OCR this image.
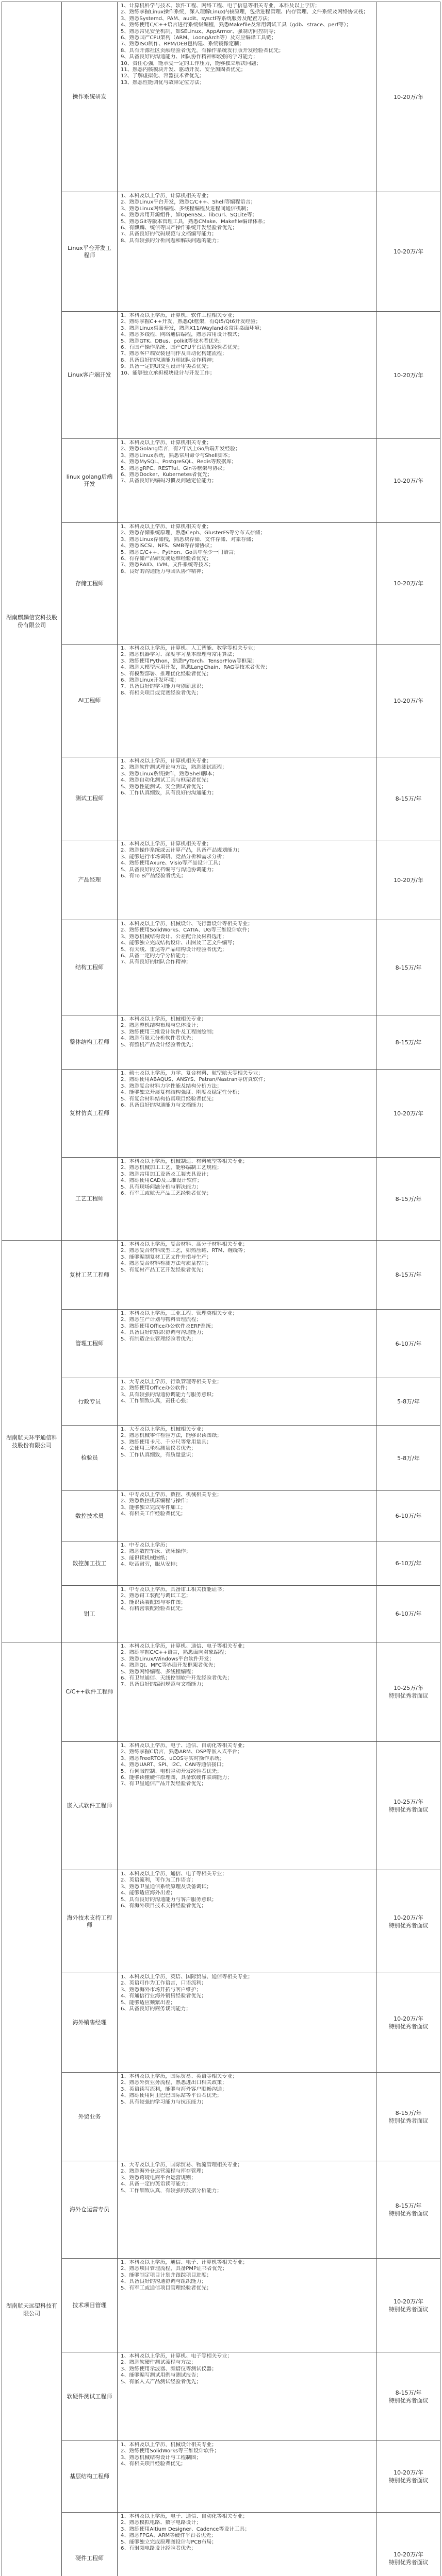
湖南麒麟信安科技股份有限公司
湖南航天环宇通信科技股份有限公司
湖南航天远望科技有限公司
操作系统研发
Linux平台开发工程师
Linux客户端开发
linux golang后端开发
存储工程师
AI工程师
测试工程师
产品经理
结构工程师
整体结构工程师
复材仿真工程师
工艺工程师
复材工艺工程师
管理工程师
行政专员
检验员
数控技术员
数控加工技工
钳工
C/C++软件工程师
嵌入式软件工程师
海外技术支持工程师
海外销售经理
外贸业务
海外仓运营专员
技术项目管理
软硬件测试工程师
基层结构工程师
硬件工程师
1、计算机科学与技术、软件工程、网络工程、电子信息等相关专业，本科及以上学历；
2、熟练掌握Linux操作系统，深入理解Linux内核原理，包括进程管理、内存管理、文件系统及网络协议栈；
3、熟悉Systemd、PAM、audit、sysctl等系统服务及配置方法；
4、熟练使用C/C++语言进行系统级编程，熟悉Makefile及常用调试工具（gdb、strace、perf等）；
5、熟悉常见安全机制，如SELinux、AppArmor、强制访问控制等；
6、熟悉国产CPU架构（ARM、LoongArch等）及对应编译工具链；
7、熟悉ISO制作、RPM/DEB包构建、系统镜像定制；
8、具有开源社区贡献经验者优先，有操作系统发行版开发经验者优先；
9、具备良好的沟通能力、团队协作精神和较强的学习能力；
10、责任心强，能承受一定的工作压力，能够独立解决问题；
11、熟悉内核模块开发、驱动开发、安全加固者优先；
12、了解虚拟化、容器技术者优先；
13、熟悉性能调优与故障定位方法；
1、本科及以上学历，计算机相关专业；
2、熟悉Linux平台开发，熟悉C/C++、Shell等编程语言；
3、熟悉Linux网络编程、多线程编程及进程间通信机制；
4、熟悉常用开源组件，如OpenSSL、libcurl、SQLite等；
5、熟悉Git等版本管理工具，熟悉CMake、Makefile编译体系；
6、有麒麟、统信等国产操作系统开发经验者优先；
7、具备良好的代码规范与文档编写能力；
8、具有较强的分析问题和解决问题的能力；
1、本科及以上学历，计算机、软件工程相关专业；
2、熟练掌握C++开发，熟悉Qt框架，有Qt5/Qt6开发经验；
3、熟悉Linux桌面开发，熟悉X11/Wayland及常用桌面环境；
4、熟悉多线程、网络通信编程，熟悉常用设计模式；
5、熟悉GTK、DBus、polkit等技术者优先；
6、有国产操作系统、国产CPU平台适配经验者优先；
7、熟悉客户端安装包制作及自动化构建流程；
8、具备良好的沟通能力和团队合作精神；
9、具备一定的UI交互设计审美者优先；
10、能够独立承担模块设计与开发工作；
1、本科及以上学历，计算机相关专业；
2、熟悉Golang语言，有2年以上Go后端开发经验；
3、熟悉Linux系统，熟悉常用命令与Shell脚本；
4、熟悉MySQL、PostgreSQL、Redis等数据库；
5、熟悉gRPC、RESTful、Gin等框架与协议；
6、熟悉Docker、Kubernetes者优先；
7、具备良好的编码习惯及问题定位能力；
1、本科及以上学历，计算机相关专业；
2、熟悉存储系统原理，熟悉Ceph、GlusterFS等分布式存储；
3、熟悉Linux存储栈，熟悉块存储、文件存储、对象存储；
4、熟悉iSCSI、NFS、SMB等存储协议；
5、熟悉C/C++、Python、Go其中至少一门语言；
6、有存储产品研发或运维经验者优先；
7、熟悉RAID、LVM、文件系统等技术；
8、良好的沟通能力与团队协作精神；
1、本科及以上学历，计算机、人工智能、数学等相关专业；
2、熟悉机器学习、深度学习基本原理与常用算法；
3、熟练使用Python，熟悉PyTorch、TensorFlow等框架；
4、熟悉大模型应用开发，熟悉LangChain、RAG等技术者优先；
5、有模型部署、推理优化经验者优先；
6、熟悉Linux开发环境；
7、具备良好的学习能力与创新意识；
8、有相关项目或竞赛经验者优先；
1、本科及以上学历，计算机相关专业；
2、熟悉软件测试理论与方法，熟悉测试流程；
3、熟悉Linux系统操作，熟悉Shell脚本；
4、熟悉自动化测试工具与框架者优先；
5、熟悉性能测试、安全测试者优先；
6、工作认真细致，具有良好的沟通能力；
1、本科及以上学历，计算机相关专业；
2、熟悉操作系统或云计算产品，具备产品规划能力；
3、能够进行市场调研、竞品分析和需求分析；
4、熟练使用Axure、Visio等产品设计工具；
5、具备良好的文档编写与沟通协调能力；
6、有To B产品经验者优先；
1、本科及以上学历，机械设计、飞行器设计等相关专业；
2、熟练使用SolidWorks、CATIA、UG等三维设计软件；
3、熟悉机械结构设计、公差配合及材料选用；
4、能够独立完成结构设计、出图及工艺文件编写；
5、有天线、雷达等产品结构设计经验者优先；
6、具备一定的力学分析能力；
7、具有良好的团队合作精神；
1、本科及以上学历，机械相关专业；
2、熟悉整机结构布局与总体设计；
3、熟练使用三维设计软件及工程图绘制；
4、熟悉有限元分析软件者优先；
5、有整机产品设计经验者优先；
1、硕士及以上学历，力学、复合材料、航空航天等相关专业；
2、熟练使用ABAQUS、ANSYS、Patran/Nastran等仿真软件；
3、熟悉复合材料力学性能及结构分析方法；
4、能够独立开展复材结构强度、刚度及稳定性分析；
5、有复合材料结构仿真项目经验者优先；
6、具备良好的沟通能力与文档能力；
1、本科及以上学历，机械制造、材料成型等相关专业；
2、熟悉机械加工工艺，能够编制工艺规程；
3、熟悉常用加工设备及工装夹具设计；
4、熟练使用CAD及三维设计软件；
5、具有现场问题分析与解决能力；
6、有军工或航天产品工艺经验者优先；
1、本科及以上学历，复合材料、高分子材料相关专业；
2、熟悉复合材料成型工艺，如热压罐、RTM、缠绕等；
3、能够编制复材工艺文件并指导生产；
4、熟悉复合材料检测方法与质量控制；
5、有复材产品工艺开发经验者优先；
1、本科及以上学历，工业工程、管理类相关专业；
2、熟悉生产计划与物料管理流程；
3、熟练使用Office办公软件及ERP系统；
4、具备良好的组织协调与沟通能力；
5、有制造企业管理经验者优先；
1、大专及以上学历，行政管理等相关专业；
2、熟练使用Office办公软件；
3、具有较强的沟通协调能力与服务意识；
4、工作细致认真，责任心强；
1、大专及以上学历，机械相关专业；
2、熟悉机械零件检验方法，能够识读图纸；
3、熟练使用卡尺、千分尺等常用量具；
4、会使用三坐标测量仪者优先；
5、工作认真细致，有质量意识；
1、中专及以上学历，数控、机械相关专业；
2、熟悉数控机床编程与操作；
3、能够独立完成零件加工；
4、有相关工作经验者优先；
1、中专及以上学历；
2、熟悉数控车床、铣床操作；
3、能识读机械图纸；
4、吃苦耐劳，服从安排；
1、中专及以上学历，具备钳工相关技能证书；
2、熟悉钳工装配与调试工艺；
3、能识读装配图与零件图；
4、有精密装配经验者优先；
1、本科及以上学历，计算机、通信、电子等相关专业；
2、熟练掌握C/C++语言，熟悉面向对象编程；
3、熟悉Linux/Windows平台软件开发；
4、熟悉Qt、MFC等界面开发框架者优先；
5、熟悉网络编程、多线程编程；
6、有卫星通信、天线控制软件开发经验者优先；
7、具备良好的编码规范与文档能力；
1、本科及以上学历，电子、通信、自动化等相关专业；
2、熟练掌握C语言，熟悉ARM、DSP等嵌入式平台；
3、熟悉FreeRTOS、uCOS等实时操作系统；
4、熟悉UART、SPI、I2C、CAN等通信接口；
5、有伺服控制、电机驱动开发经验者优先；
6、能够读懂硬件原理图，具备软硬件联调能力；
7、有卫星通信产品开发经验者优先；
1、本科及以上学历，通信、电子等相关专业；
2、英语流利，可作为工作语言；
3、熟悉卫星通信系统原理及设备调试；
4、能够适应海外出差；
5、具有良好的沟通能力与客户服务意识；
6、有海外项目技术支持经验者优先；
1、本科及以上学历，英语、国际贸易、通信等相关专业；
2、英语可作为工作语言，口语流利；
3、熟悉海外市场开拓与客户维护；
4、有通信行业海外销售经验者优先；
5、能够适应频繁出差；
6、具备良好的商务谈判能力；
1、本科及以上学历，国际贸易、英语等相关专业；
2、熟悉外贸业务流程，熟悉进出口相关政策；
3、英语读写流利，能够与海外客户顺畅沟通；
4、熟练使用阿里巴巴国际站等平台者优先；
5、具有较强的学习能力与抗压能力；
1、大专及以上学历，国际贸易、物流管理相关专业；
2、熟悉海外仓运营流程与库存管理；
3、熟悉跨境电商平台运营规则；
4、具备一定的英语读写能力；
5、工作细致认真，有较强的数据分析能力；
1、本科及以上学历，通信、电子、计算机等相关专业；
2、熟悉项目管理流程，具备PMP证书者优先；
3、能够制定项目计划并跟踪项目进度；
4、具备良好的沟通协调与组织能力；
5、有军工或通信项目管理经验者优先；
1、本科及以上学历，计算机、电子等相关专业；
2、熟悉软硬件测试流程与方法；
3、熟练使用示波器、频谱仪等测试仪器；
4、能够编写测试用例与测试报告；
5、有嵌入式产品测试经验者优先；
1、本科及以上学历，机械设计相关专业；
2、熟练使用SolidWorks等三维设计软件；
3、熟悉机械结构设计与工程制图；
4、有相关项目经验者优先；
1、本科及以上学历，电子、通信、自动化等相关专业；
2、熟悉模拟电路、数字电路设计；
3、熟练使用Altium Designer、Cadence等设计工具；
4、熟悉FPGA、ARM等硬件平台者优先；
5、能够独立完成原理图设计与PCB布局；
6、有射频电路设计经验者优先；
10-20万/年
10-20万/年
10-20万/年
10-20万/年
10-20万/年
10-20万/年
8-15万/年
10-20万/年
8-15万/年
8-15万/年
10-20万/年
8-15万/年
8-15万/年
6-10万/年
5-8万/年
5-8万/年
6-10万/年
6-10万/年
6-10万/年
10-25万/年
特别优秀者面议
10-25万/年
特别优秀者面议
10-20万/年
特别优秀者面议
10-20万/年
特别优秀者面议
8-15万/年
特别优秀者面议
8-15万/年
特别优秀者面议
10-20万/年
特别优秀者面议
8-15万/年
特别优秀者面议
10-20万/年
特别优秀者面议
10-20万/年
特别优秀者面议
